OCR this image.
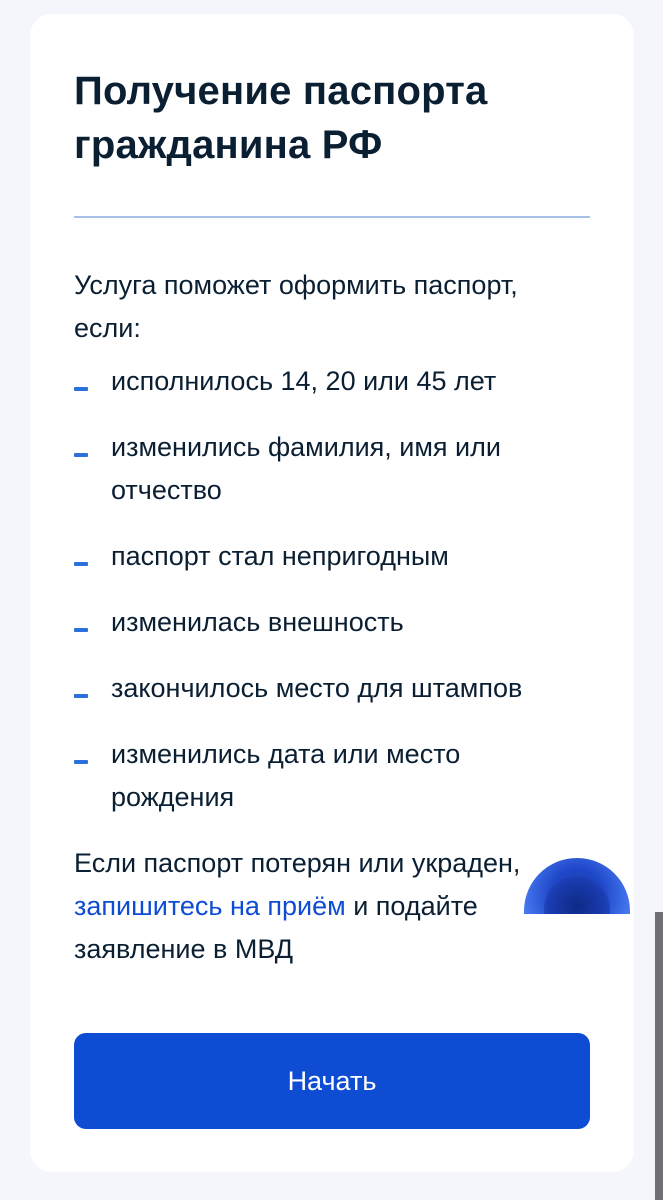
Получение паспорта гражданина РФ

Услуга поможет оформить паспорт, если:

исполнилось 14, 20 или 45 лет
изменились фамилия, имя или отчество
паспорт стал непригодным
изменилась внешность
закончилось место для штампов
изменились дата или место рождения

Если паспорт потерян или украден, запишитесь на приём и подайте заявление в МВД

Начать
